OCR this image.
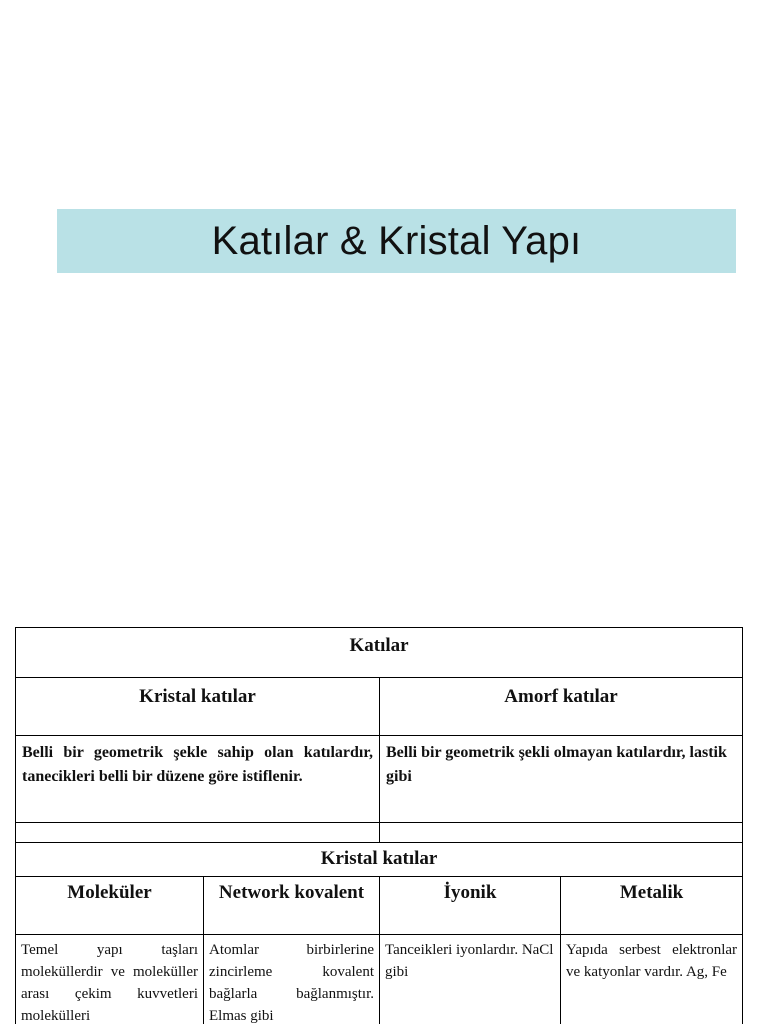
Katılar & Kristal Yapı
Katılar			
Kristal katılar		Amorf katılar	
Belli bir geometrik şekle sahip olan katılardır, tanecikleri belli bir düzene göre istiflenir.		Belli bir geometrik şekli olmayan katılardır, lastik gibi	

Kristal katılar			
Moleküler	Network kovalent	İyonik	Metalik
Temel yapı taşları moleküllerdir ve moleküller arası çekim kuvvetleri molekülleri	Atomlar birbirlerine zincirleme kovalent bağlarla bağlanmıştır. Elmas gibi	Tanceikleri iyonlardır. NaCl gibi	Yapıda serbest elektronlar ve katyonlar vardır. Ag, Fe
